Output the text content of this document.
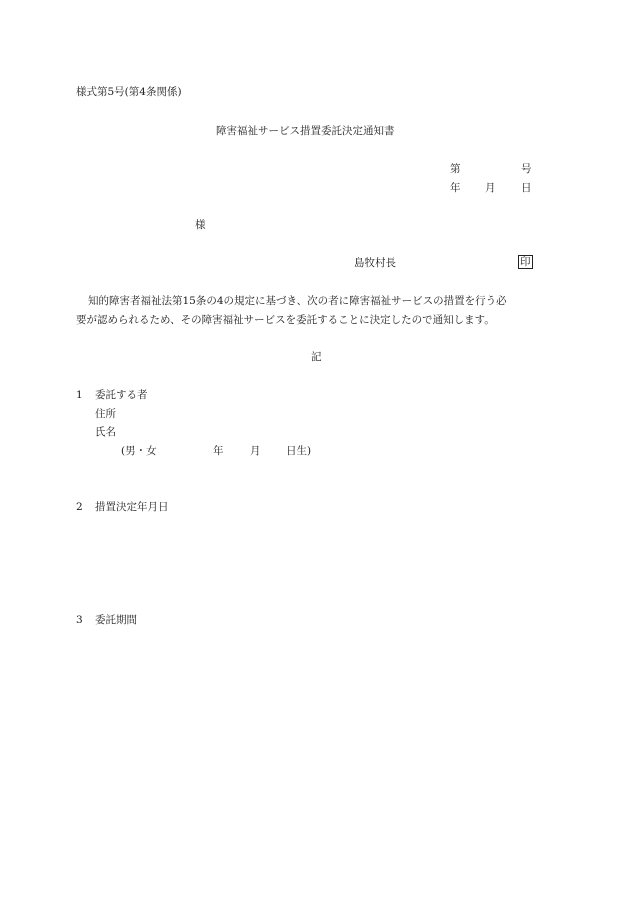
様式第5号(第4条関係)
障害福祉サービス措置委託決定通知書
第	号
年 月 日
様
島牧村長	印
知的障害者福祉法第15条の4の規定に基づき、次の者に障害福祉サービスの措置を行う必
要が認められるため、その障害福祉サービスを委託することに決定したので通知します。
記
1 委託する者
住所
氏名
(男・女	年	月 日生)
2 措置決定年月日
3 委託期間
